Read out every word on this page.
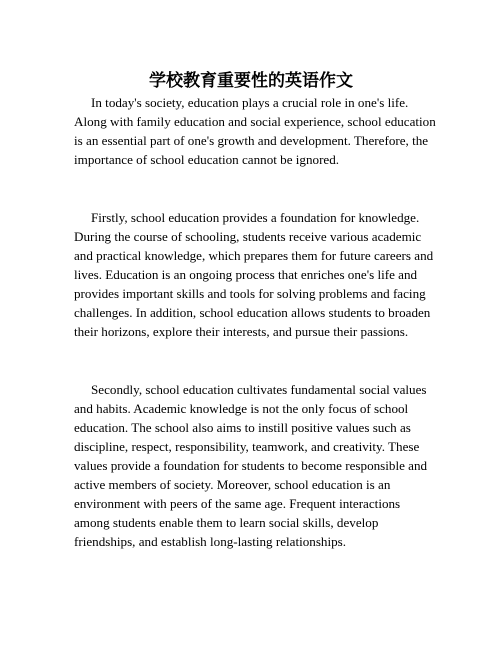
学校教育重要性的英语作文

In today's society, education plays a crucial role in one's life. Along with family education and social experience, school education is an essential part of one's growth and development. Therefore, the importance of school education cannot be ignored.

Firstly, school education provides a foundation for knowledge. During the course of schooling, students receive various academic and practical knowledge, which prepares them for future careers and lives. Education is an ongoing process that enriches one's life and provides important skills and tools for solving problems and facing challenges. In addition, school education allows students to broaden their horizons, explore their interests, and pursue their passions.

Secondly, school education cultivates fundamental social values and habits. Academic knowledge is not the only focus of school education. The school also aims to instill positive values such as discipline, respect, responsibility, teamwork, and creativity. These values provide a foundation for students to become responsible and active members of society. Moreover, school education is an environment with peers of the same age. Frequent interactions among students enable them to learn social skills, develop friendships, and establish long-lasting relationships.
